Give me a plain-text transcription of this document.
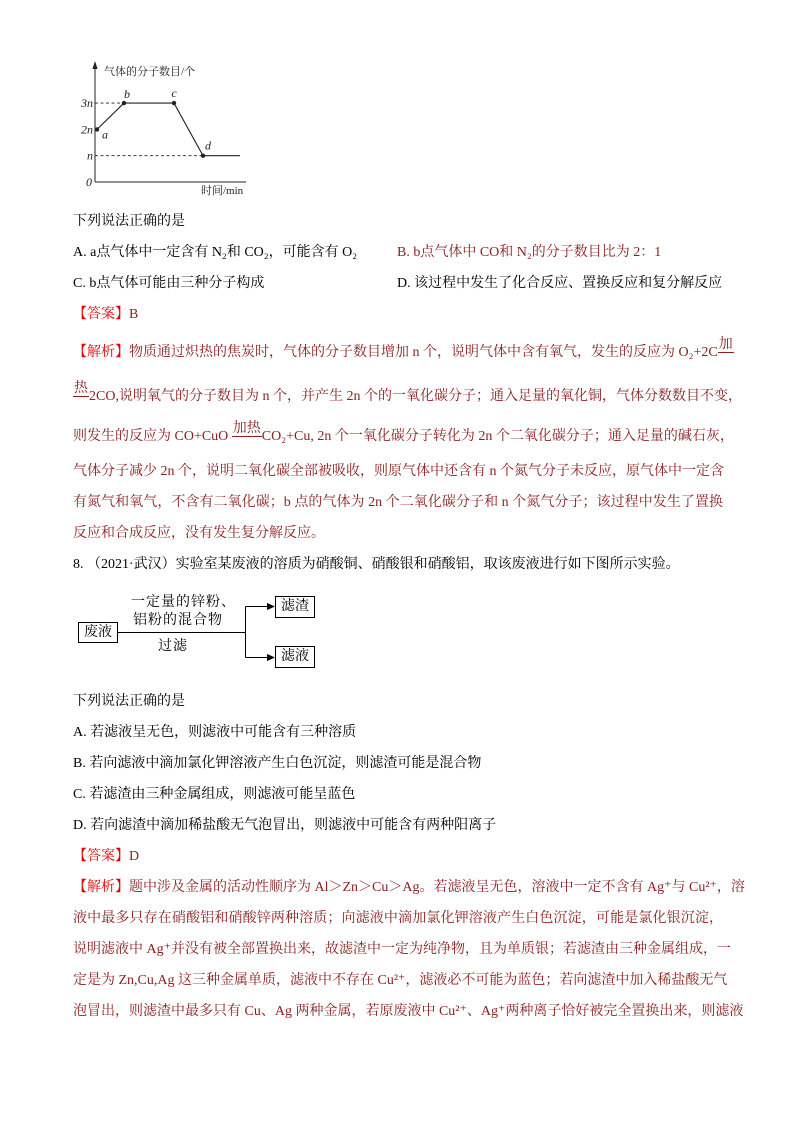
a
b	c
d
0
n
2n
3n
气体的分子数目/个
时间/min
下列说法正确的是
A. a点气体中一定含有 N₂和 CO₂，可能含有 O₂	B. b点气体中 CO和 N₂的分子数目比为 2：1
C. b点气体可能由三种分子构成	D. 该过程中发生了化合反应、置换反应和复分解反应
【答案】B
【解析】物质通过炽热的焦炭时，气体的分子数目增加 n 个，说明气体中含有氧气，发生的反应为 O₂+2C加
热2CO,说明氧气的分子数目为 n 个，并产生 2n 个的一氧化碳分子；通入足量的氧化铜，气体分数数目不变，
则发生的反应为 CO+CuO 加热CO₂+Cu, 2n 个一氧化碳分子转化为 2n 个二氧化碳分子；通入足量的碱石灰，
气体分子减少 2n 个，说明二氧化碳全部被吸收，则原气体中还含有 n 个氮气分子未反应，原气体中一定含
有氮气和氧气，不含有二氧化碳；b 点的气体为 2n 个二氧化碳分子和 n 个氮气分子；该过程中发生了置换
反应和合成反应，没有发生复分解反应。
8. （2021·武汉）实验室某废液的溶质为硝酸铜、硝酸银和硝酸铝，取该废液进行如下图所示实验。
废液
一定量的锌粉、
铝粉的混合物
过滤
滤渣
滤液
下列说法正确的是
A. 若滤液呈无色，则滤液中可能含有三种溶质
B. 若向滤液中滴加氯化钾溶液产生白色沉淀，则滤渣可能是混合物
C. 若滤渣由三种金属组成，则滤液可能呈蓝色
D. 若向滤渣中滴加稀盐酸无气泡冒出，则滤液中可能含有两种阳离子
【答案】D
【解析】题中涉及金属的活动性顺序为 Al＞Zn＞Cu＞Ag。若滤液呈无色，溶液中一定不含有 Ag⁺与 Cu²⁺，溶
液中最多只存在硝酸铝和硝酸锌两种溶质；向滤液中滴加氯化钾溶液产生白色沉淀，可能是氯化银沉淀，
说明滤液中 Ag⁺并没有被全部置换出来，故滤渣中一定为纯净物，且为单质银；若滤渣由三种金属组成，一
定是为 Zn,Cu,Ag 这三种金属单质，滤液中不存在 Cu²⁺，滤液必不可能为蓝色；若向滤渣中加入稀盐酸无气
泡冒出，则滤渣中最多只有 Cu、Ag 两种金属，若原废液中 Cu²⁺、Ag⁺两种离子恰好被完全置换出来，则滤液
